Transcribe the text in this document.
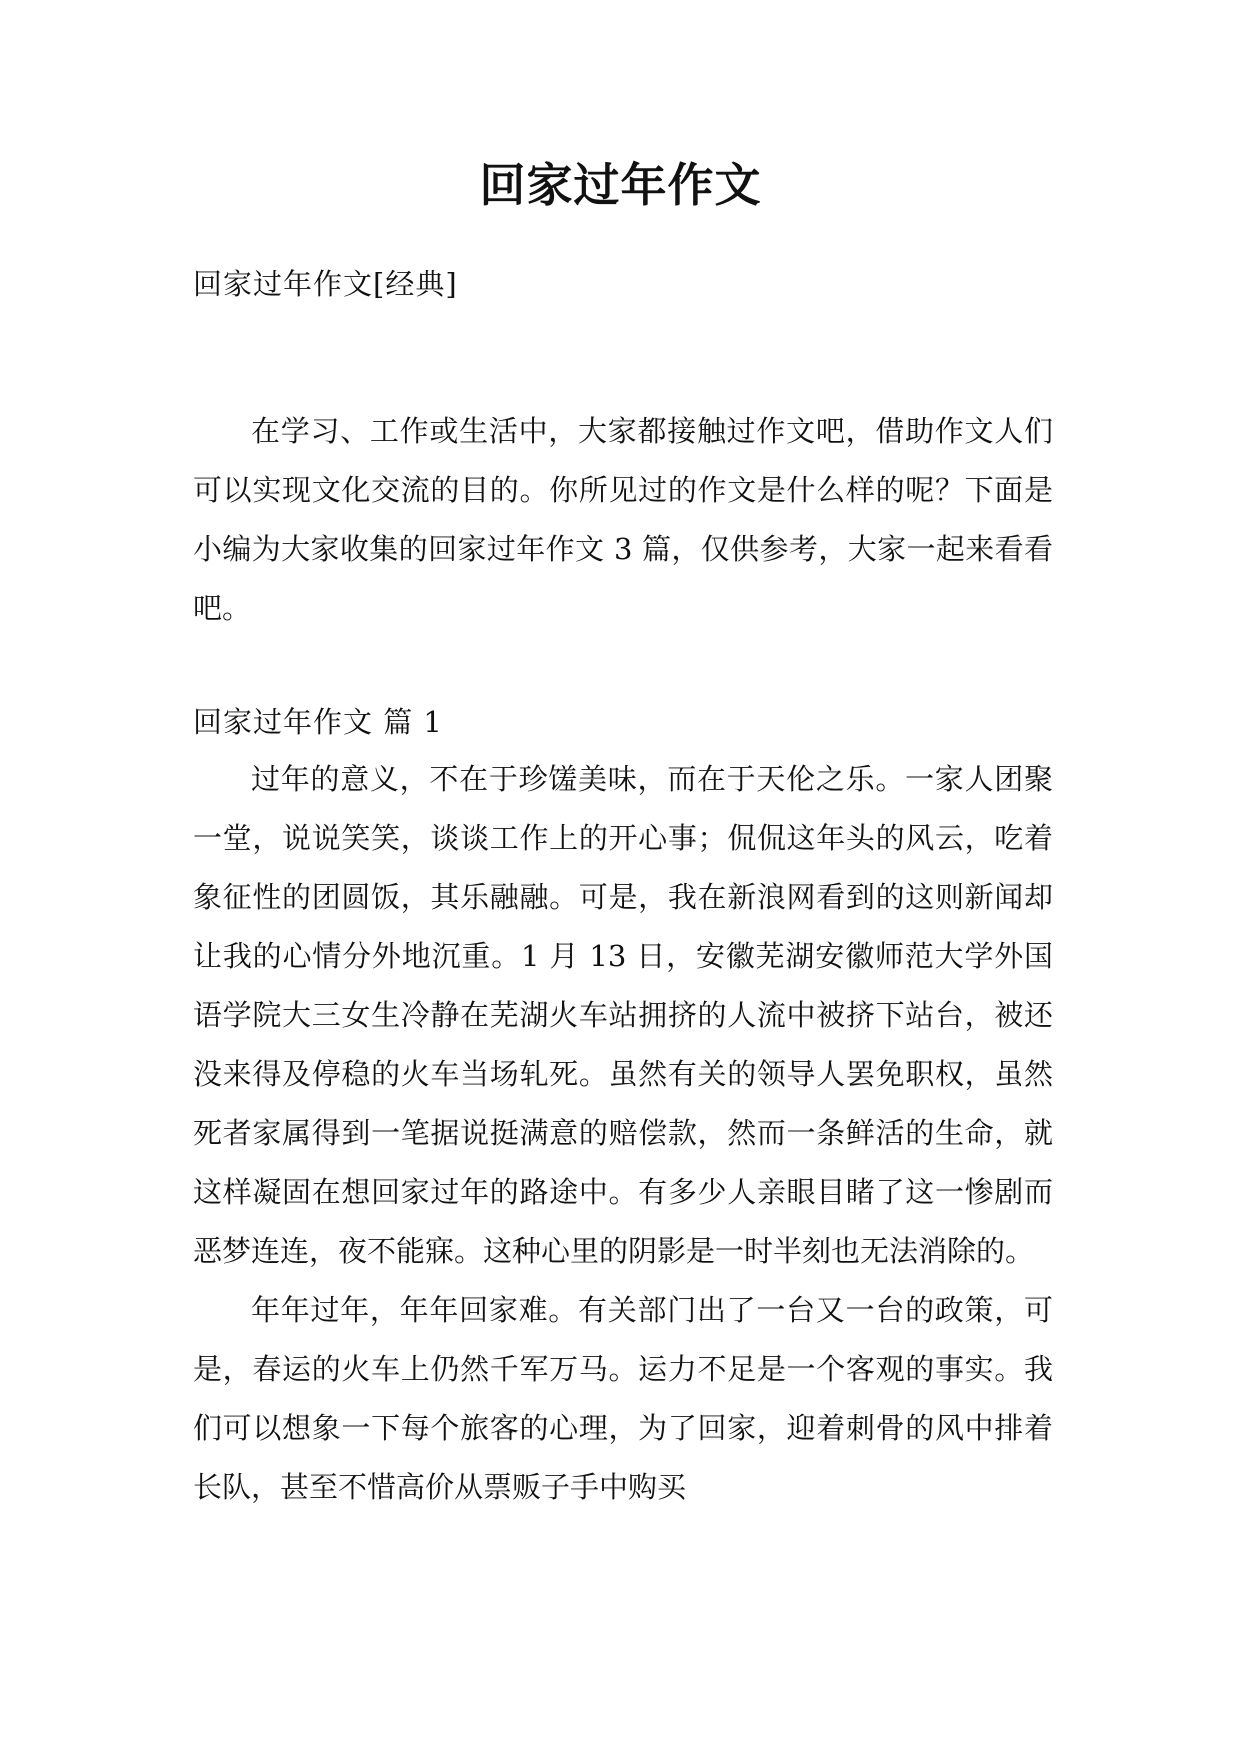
回家过年作文
回家过年作文[经典]

在学习、工作或生活中，大家都接触过作文吧，借助作文人们可以实现文化交流的目的。你所见过的作文是什么样的呢？下面是小编为大家收集的回家过年作文 3 篇，仅供参考，大家一起来看看吧。

回家过年作文 篇 1

过年的意义，不在于珍馐美味，而在于天伦之乐。一家人团聚一堂，说说笑笑，谈谈工作上的开心事；侃侃这年头的风云，吃着象征性的团圆饭，其乐融融。可是，我在新浪网看到的这则新闻却让我的心情分外地沉重。1 月 13 日，安徽芜湖安徽师范大学外国语学院大三女生冷静在芜湖火车站拥挤的人流中被挤下站台，被还没来得及停稳的火车当场轧死。虽然有关的领导人罢免职权，虽然死者家属得到一笔据说挺满意的赔偿款，然而一条鲜活的生命，就这样凝固在想回家过年的路途中。有多少人亲眼目睹了这一惨剧而恶梦连连，夜不能寐。这种心里的阴影是一时半刻也无法消除的。

年年过年，年年回家难。有关部门出了一台又一台的政策，可是，春运的火车上仍然千军万马。运力不足是一个客观的事实。我们可以想象一下每个旅客的心理，为了回家，迎着刺骨的风中排着长队，甚至不惜高价从票贩子手中购买
